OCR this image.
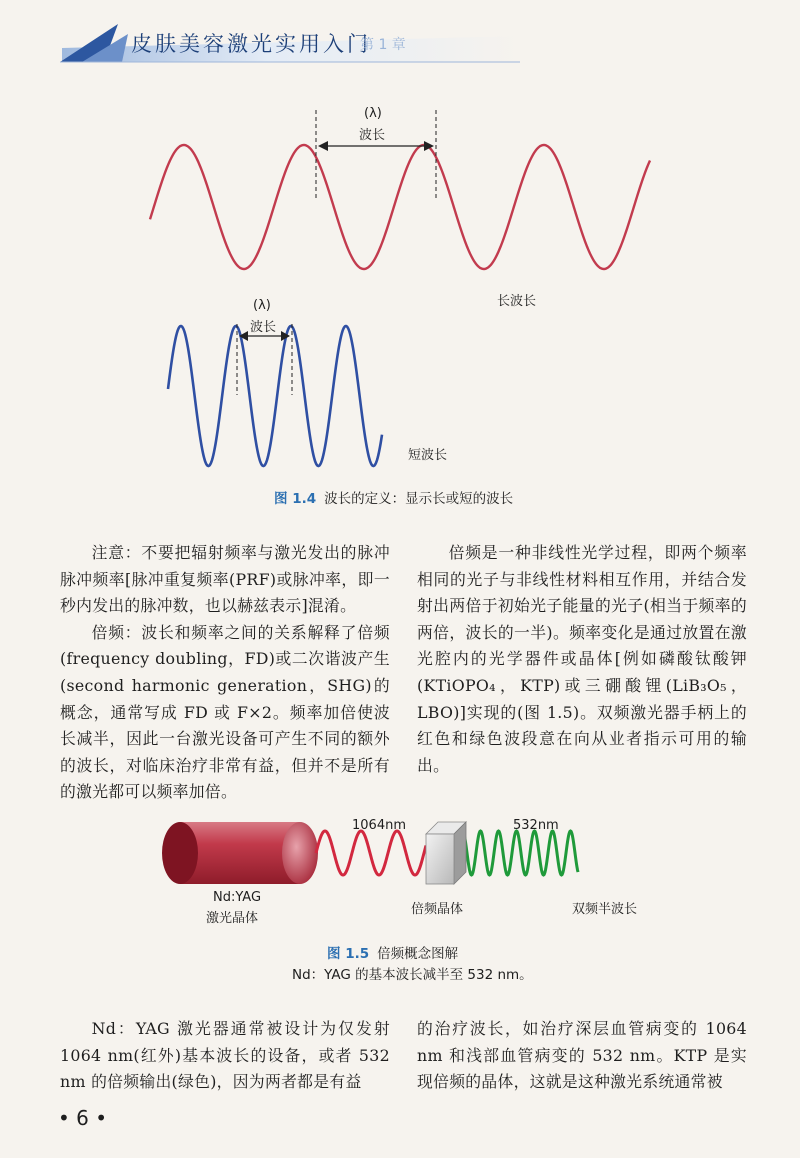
皮肤美容激光实用入门
第 1 章

(λ)
波长
(λ)
波长
长波长
短波长
图 1.4 波长的定义：显示长或短的波长
注意：不要把辐射频率与激光发出的脉冲脉冲频率[脉冲重复频率(PRF)或脉冲率，即一秒内发出的脉冲数，也以赫兹表示]混淆。
倍频：波长和频率之间的关系解释了倍频(frequency doubling，FD)或二次谐波产生(second harmonic generation，SHG)的概念，通常写成 FD 或 F×2。频率加倍使波长减半，因此一台激光设备可产生不同的额外的波长，对临床治疗非常有益，但并不是所有的激光都可以频率加倍。
倍频是一种非线性光学过程，即两个频率相同的光子与非线性材料相互作用，并结合发射出两倍于初始光子能量的光子(相当于频率的两倍，波长的一半)。频率变化是通过放置在激光腔内的光学器件或晶体[例如磷酸钛酸钾(KTiOPO₄，KTP)或三硼酸锂(LiB₃O₅，LBO)]实现的(图 1.5)。双频激光器手柄上的红色和绿色波段意在向从业者指示可用的输出。
1064nm	532nm
Nd:YAG
激光晶体
倍频晶体	双频半波长
图 1.5 倍频概念图解
Nd：YAG 的基本波长减半至 532 nm。
Nd：YAG 激光器通常被设计为仅发射 1064 nm(红外)基本波长的设备，或者 532 nm 的倍频输出(绿色)，因为两者都是有益
的治疗波长，如治疗深层血管病变的 1064 nm 和浅部血管病变的 532 nm。KTP 是实现倍频的晶体，这就是这种激光系统通常被
• 6 •
